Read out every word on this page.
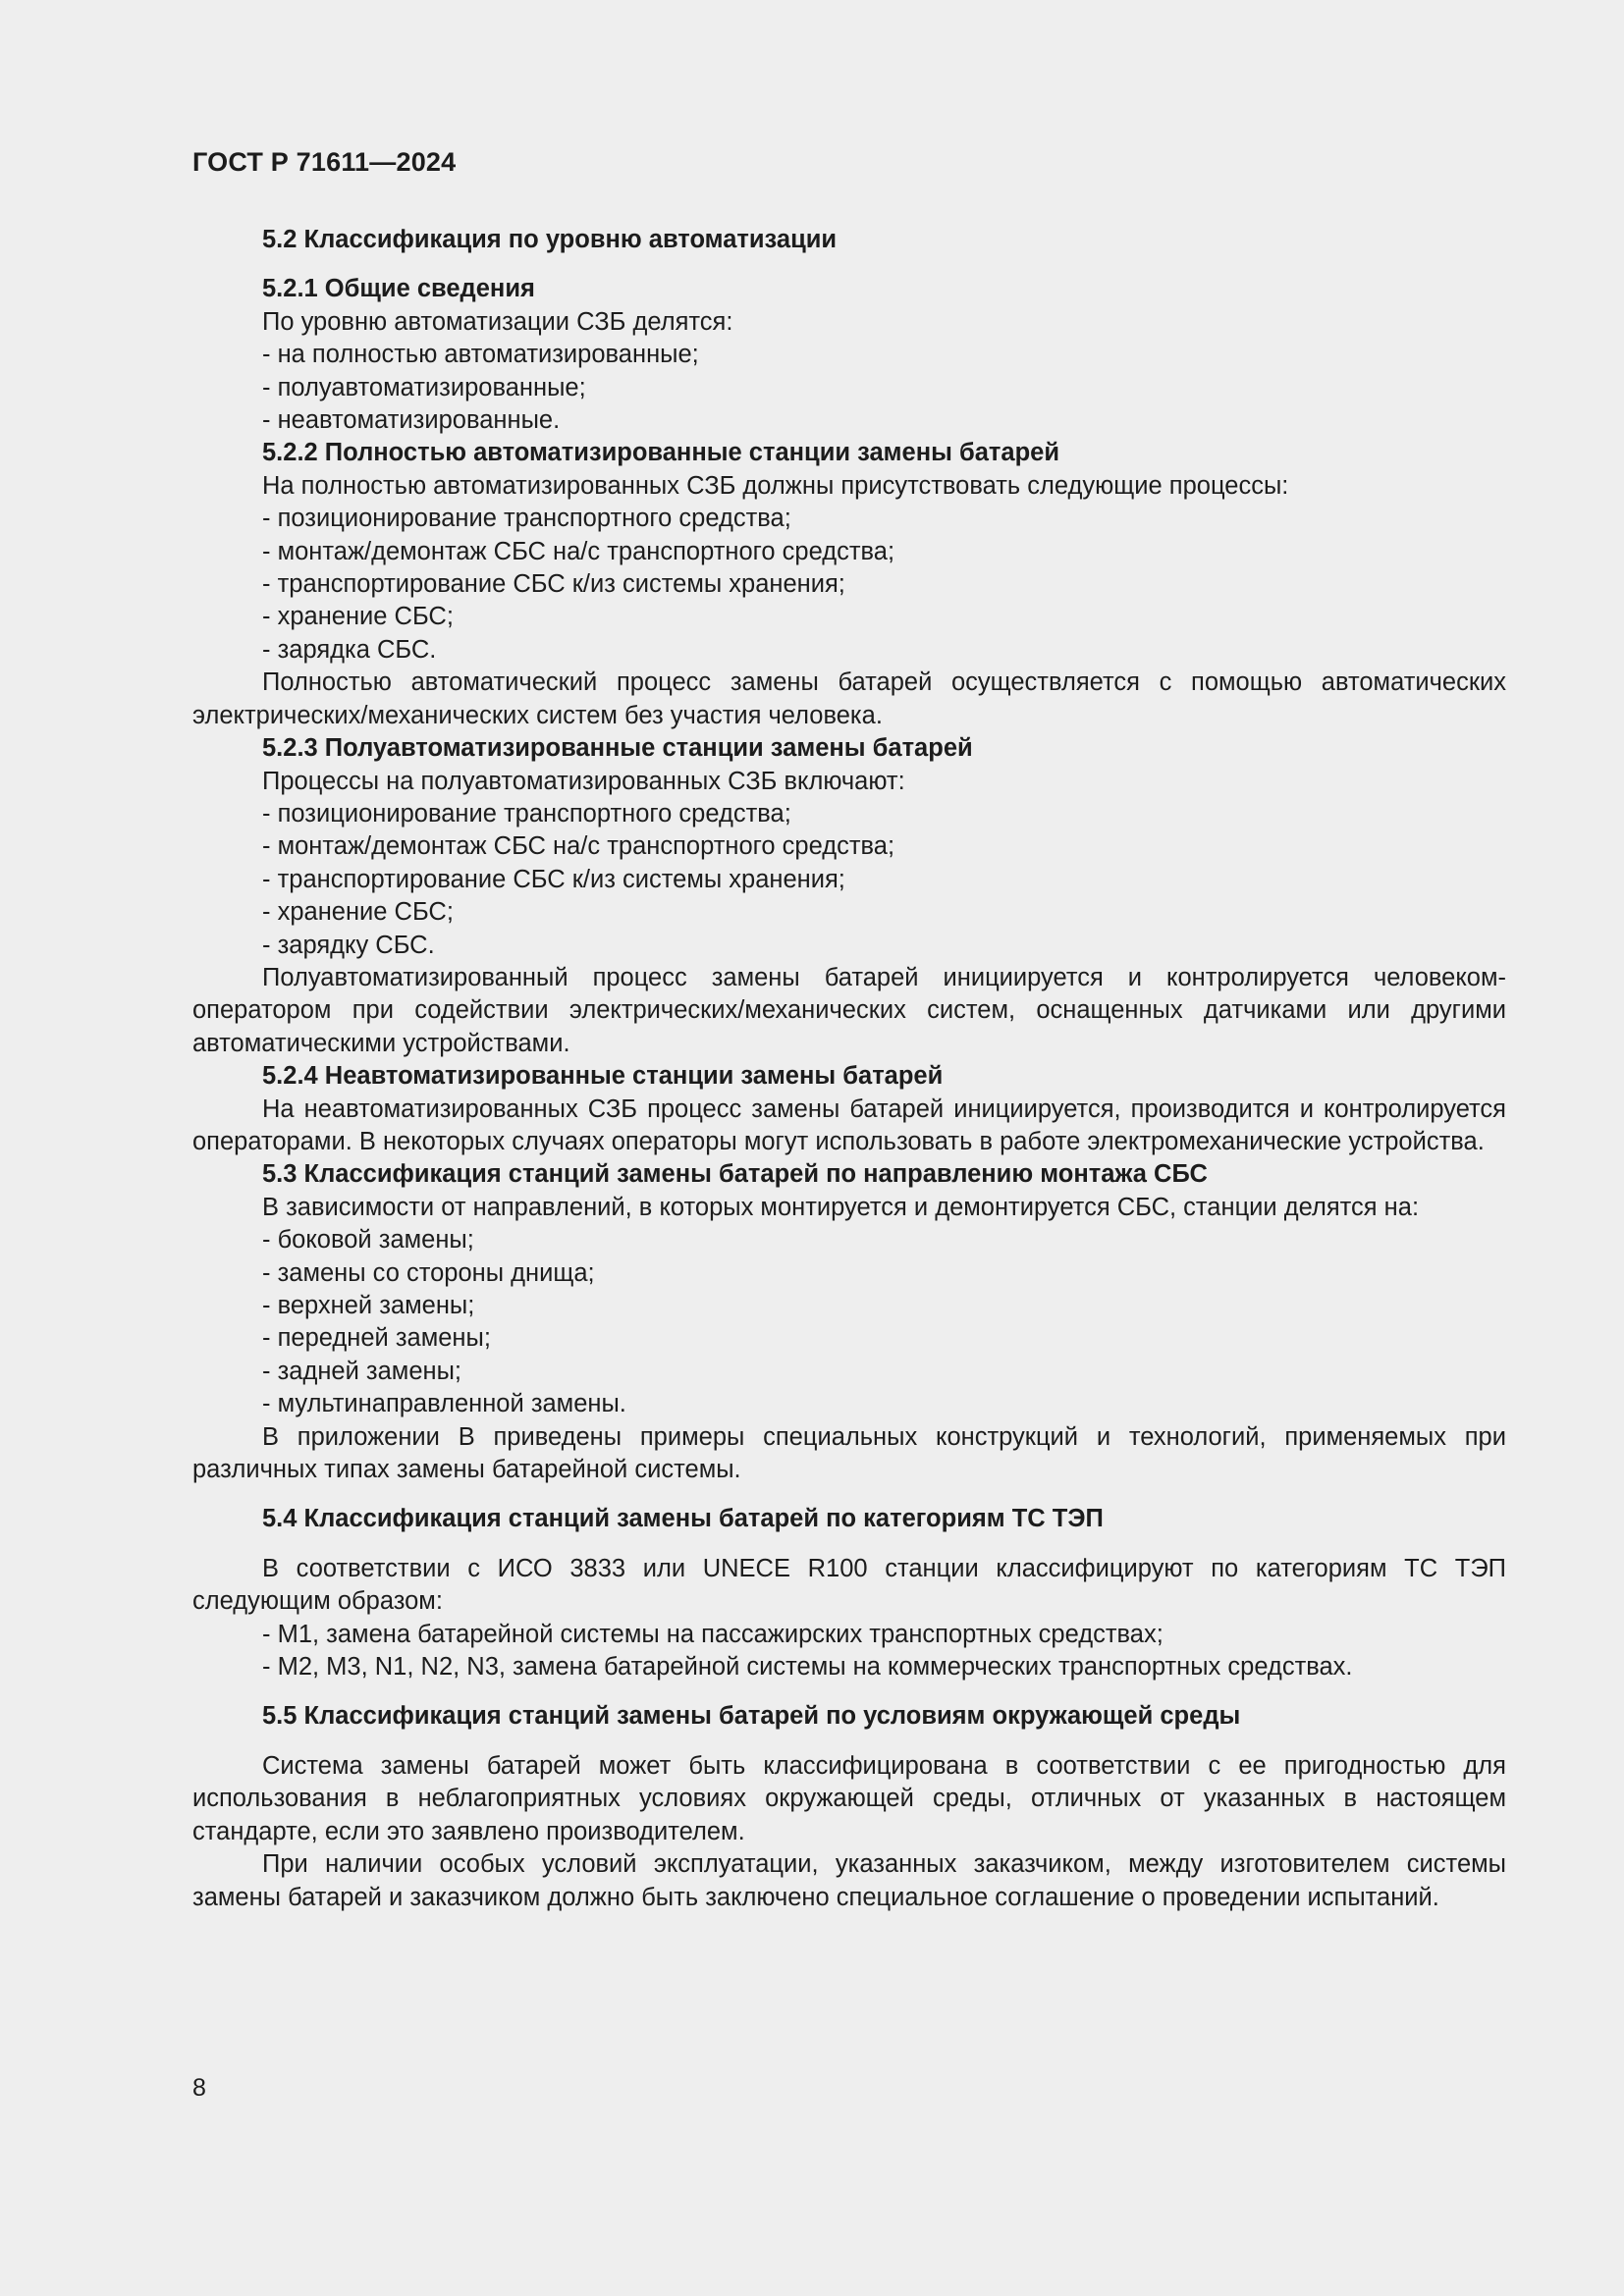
ГОСТ Р 71611—2024

5.2 Классификация по уровню автоматизации

5.2.1 Общие сведения

По уровню автоматизации СЗБ делятся:

- на полностью автоматизированные;

- полуавтоматизированные;

- неавтоматизированные.

5.2.2 Полностью автоматизированные станции замены батарей

На полностью автоматизированных СЗБ должны присутствовать следующие процессы:

- позиционирование транспортного средства;

- монтаж/демонтаж СБС на/с транспортного средства;

- транспортирование СБС к/из системы хранения;

- хранение СБС;

- зарядка СБС.

Полностью автоматический процесс замены батарей осуществляется с помощью автоматических электрических/механических систем без участия человека.

5.2.3 Полуавтоматизированные станции замены батарей

Процессы на полуавтоматизированных СЗБ включают:

- позиционирование транспортного средства;

- монтаж/демонтаж СБС на/с транспортного средства;

- транспортирование СБС к/из системы хранения;

- хранение СБС;

- зарядку СБС.

Полуавтоматизированный процесс замены батарей инициируется и контролируется человеком-оператором при содействии электрических/механических систем, оснащенных датчиками или другими автоматическими устройствами.

5.2.4 Неавтоматизированные станции замены батарей

На неавтоматизированных СЗБ процесс замены батарей инициируется, производится и контролируется операторами. В некоторых случаях операторы могут использовать в работе электромеханические устройства.

5.3 Классификация станций замены батарей по направлению монтажа СБС

В зависимости от направлений, в которых монтируется и демонтируется СБС, станции делятся на:

- боковой замены;

- замены со стороны днища;

- верхней замены;

- передней замены;

- задней замены;

- мультинаправленной замены.

В приложении В приведены примеры специальных конструкций и технологий, применяемых при различных типах замены батарейной системы.

5.4 Классификация станций замены батарей по категориям ТС ТЭП

В соответствии с ИСО 3833 или UNECE R100 станции классифицируют по категориям ТС ТЭП следующим образом:

- M1, замена батарейной системы на пассажирских транспортных средствах;

- M2, M3, N1, N2, N3, замена батарейной системы на коммерческих транспортных средствах.

5.5 Классификация станций замены батарей по условиям окружающей среды

Система замены батарей может быть классифицирована в соответствии с ее пригодностью для использования в неблагоприятных условиях окружающей среды, отличных от указанных в настоящем стандарте, если это заявлено производителем.

При наличии особых условий эксплуатации, указанных заказчиком, между изготовителем системы замены батарей и заказчиком должно быть заключено специальное соглашение о проведении испытаний.

8
